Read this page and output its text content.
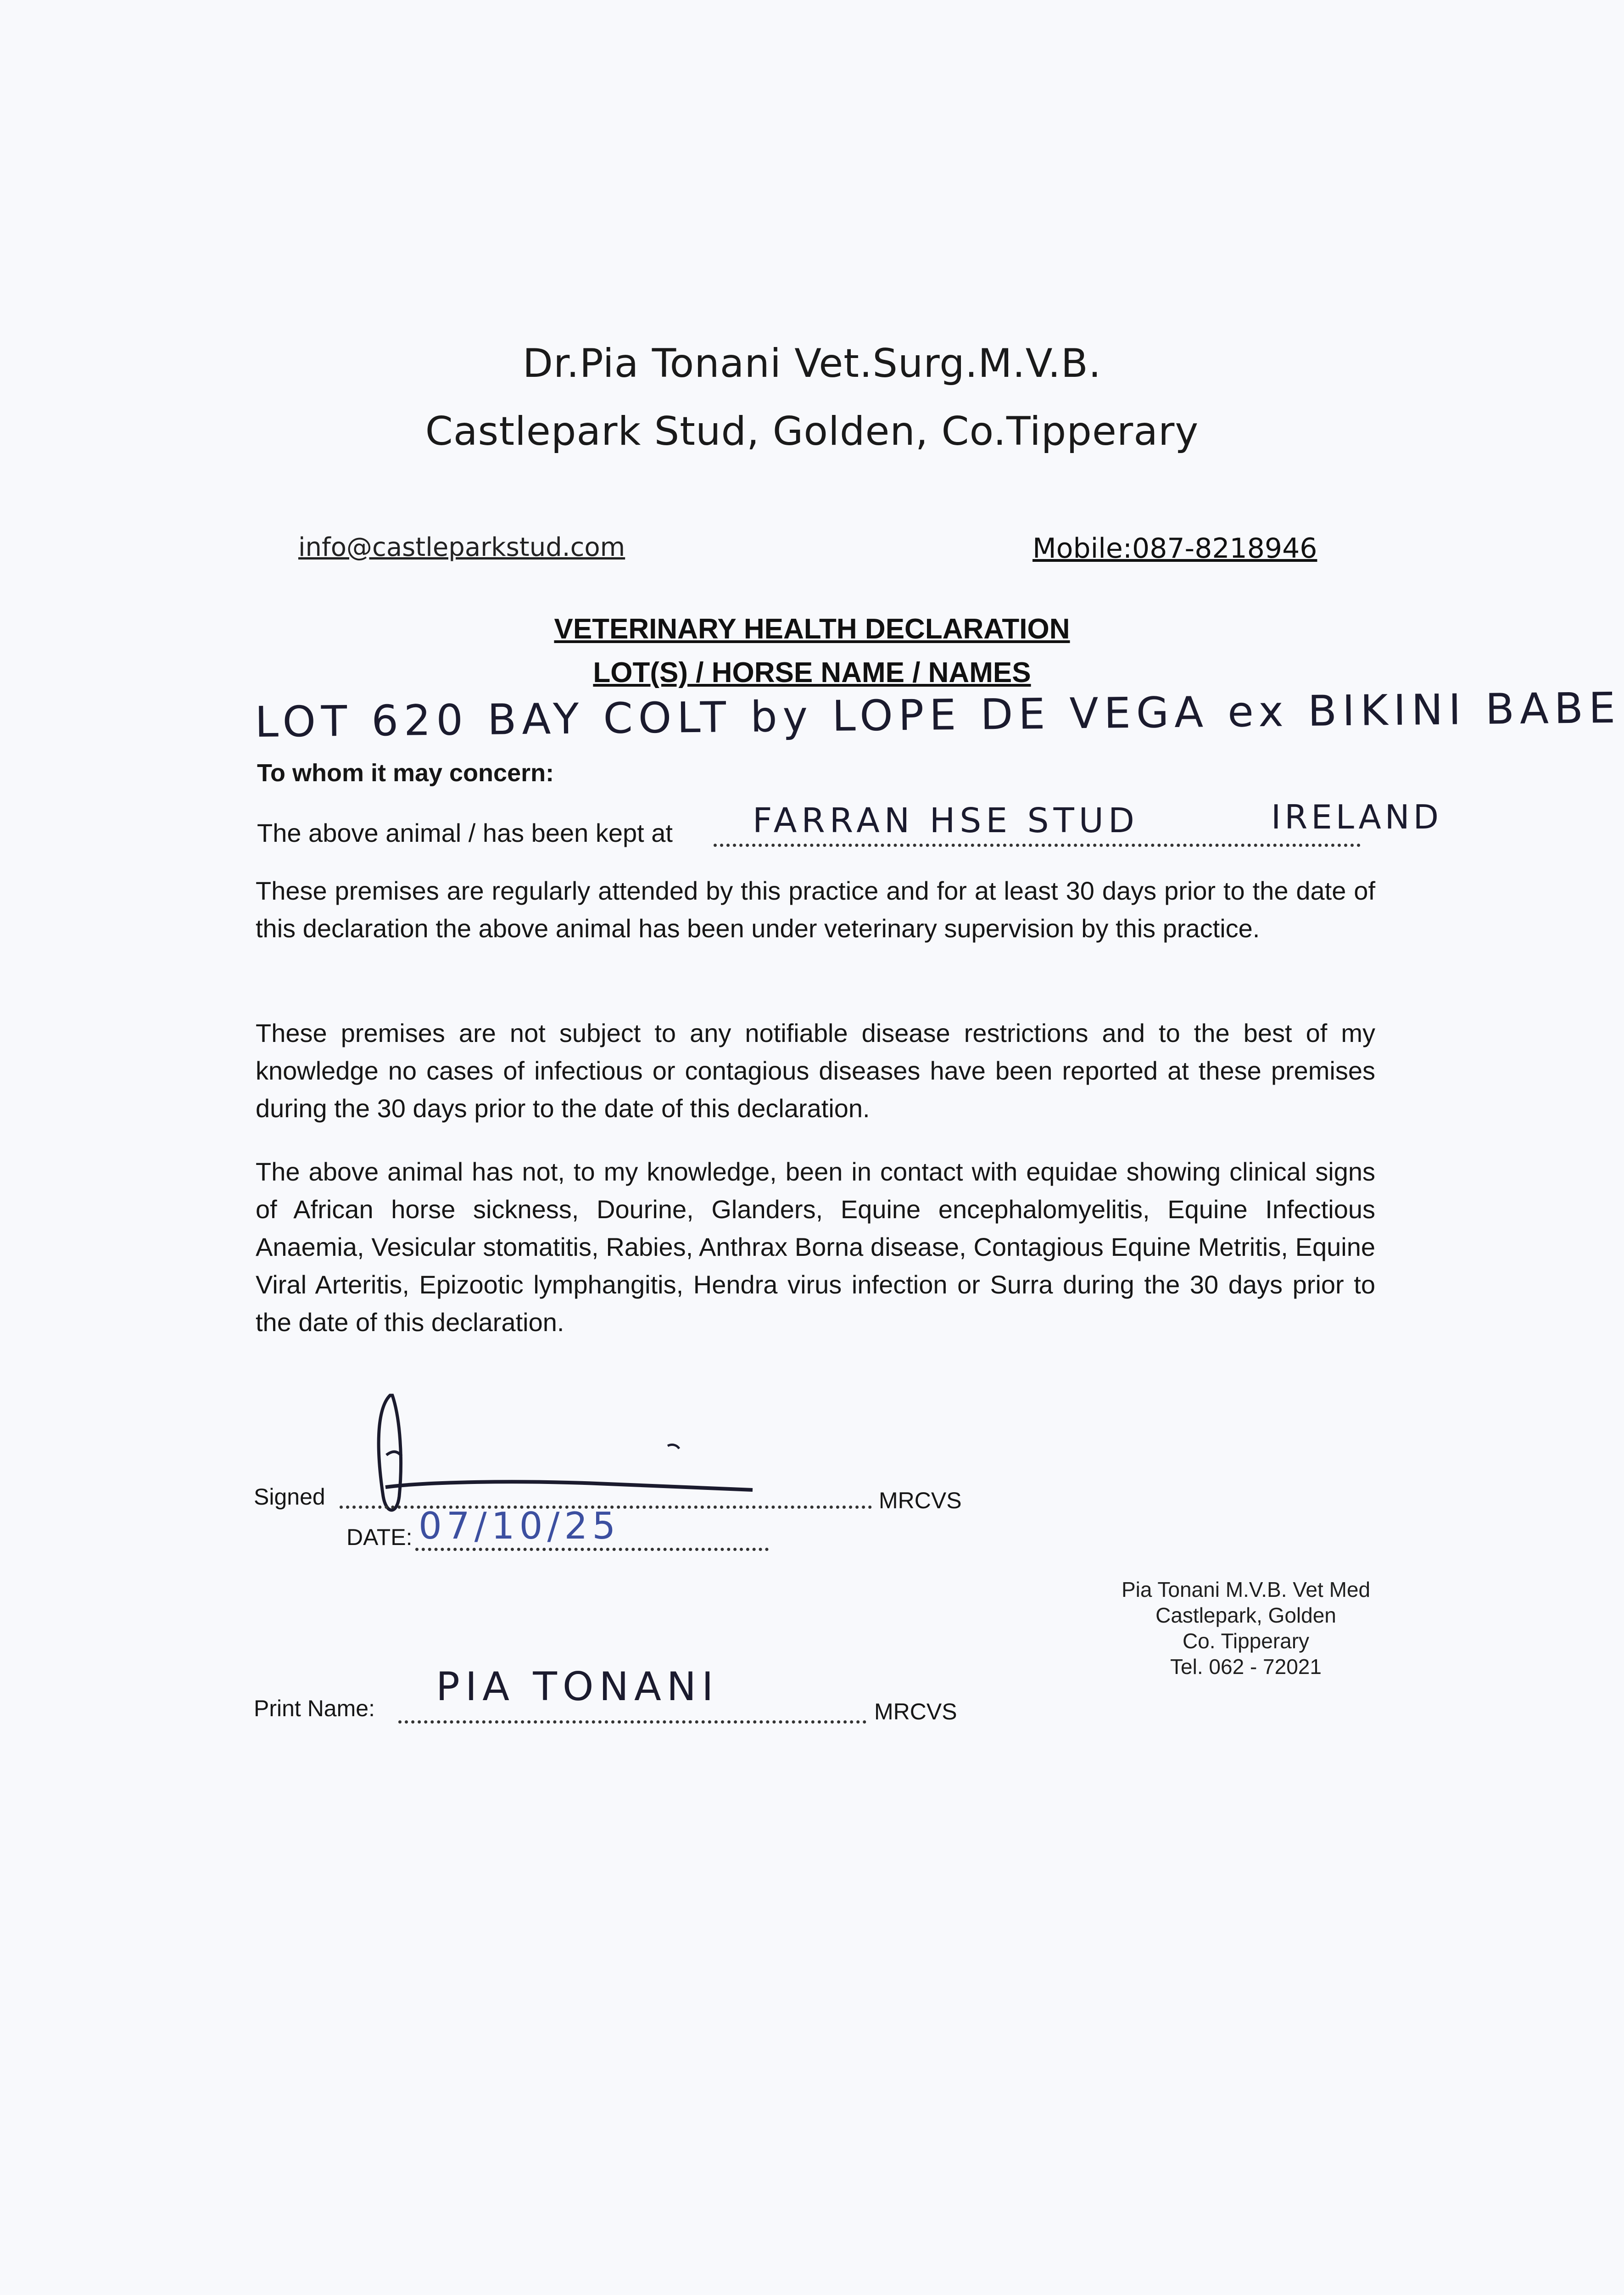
Dr.Pia Tonani Vet.Surg.M.V.B.
Castlepark Stud, Golden, Co.Tipperary
info@castleparkstud.com	Mobile:087-8218946
VETERINARY HEALTH DECLARATION
LOT(S) / HORSE NAME / NAMES
LOT 620 BAY COLT by LOPE DE VEGA ex BIKINI BABE
To whom it may concern:
The above animal / has been kept at FARRAN HSE STUD	IRELAND
These premises are regularly attended by this practice and for at least 30 days prior to the date of this declaration the above animal has been under veterinary supervision by this practice.
These premises are not subject to any notifiable disease restrictions and to the best of my knowledge no cases of infectious or contagious diseases have been reported at these premises during the 30 days prior to the date of this declaration.
The above animal has not, to my knowledge, been in contact with equidae showing clinical signs of African horse sickness, Dourine, Glanders, Equine encephalomyelitis, Equine Infectious Anaemia, Vesicular stomatitis, Rabies, Anthrax Borna disease, Contagious Equine Metritis, Equine Viral Arteritis, Epizootic lymphangitis, Hendra virus infection or Surra during the 30 days prior to the date of this declaration.
Signed	MRCVS
DATE: 07/10/25
Pia Tonani M.V.B. Vet Med
Castlepark, Golden
Co. Tipperary
Tel. 062 - 72021
Print Name: PIA TONANI
MRCVS
